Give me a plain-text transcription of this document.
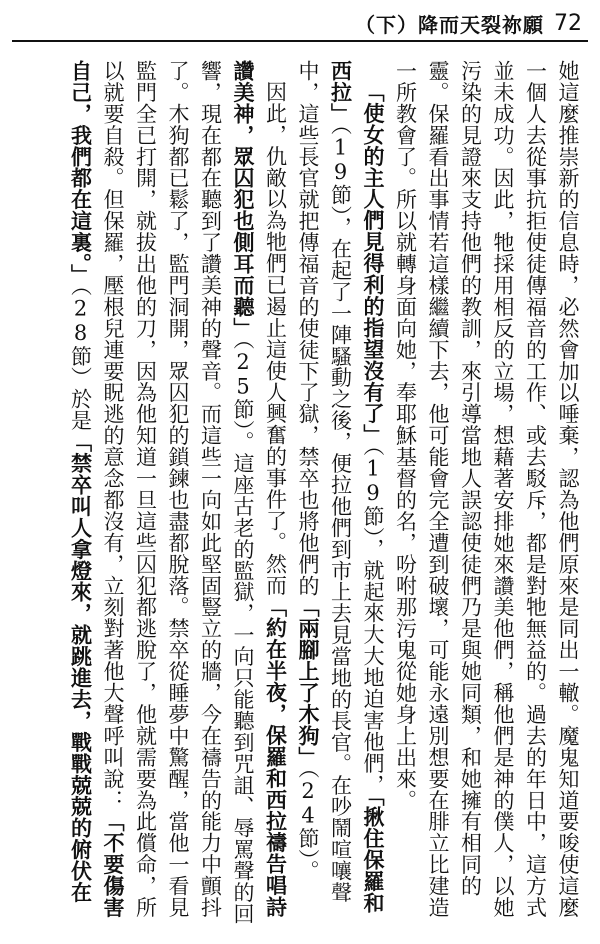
（下）降而天裂祢願 72

她這麼推崇新的信息時，必然會加以唾棄，認為他們原來是同出一轍。魔鬼知道要唆使這麼一個人去從事抗拒使徒傳福音的工作、或去駁斥，都是對牠無益的。過去的年日中，這方式並未成功。因此，牠採用相反的立場，想藉著安排她來讚美他們，稱他們是神的僕人，以她污染的見證來支持他們的教訓，來引導當地人誤認使徒們乃是與她同類，和她擁有相同的靈。保羅看出事情若這樣繼續下去，他可能會完全遭到破壞，可能永遠別想要在腓立比建造一所教會了。所以就轉身面向她，奉耶穌基督的名，吩咐那污鬼從她身上出來。

「使女的主人們見得利的指望沒有了」（19節），就起來大大地迫害他們，「揪住保羅和西拉」（19節），在起了一陣騷動之後，便拉他們到市上去見當地的長官。在吵鬧喧嚷聲中，這些長官就把傳福音的使徒下了獄，禁卒也將他們的「兩腳上了木狗」（24節）。

因此，仇敵以為牠們已遏止這使人興奮的事件了。然而「約在半夜，保羅和西拉禱告唱詩讚美神，眾囚犯也側耳而聽」（25節）。這座古老的監獄，一向只能聽到咒詛、辱罵聲的回響，現在都在聽到了讚美神的聲音。而這些一向如此堅固豎立的牆，今在禱告的能力中顫抖了。木狗都已鬆了，監門洞開，眾囚犯的鎖鍊也盡都脫落。禁卒從睡夢中驚醒，當他一看見監門全已打開，就拔出他的刀，因為他知道一旦這些囚犯都逃脫了，他就需要為此償命，所以就要自殺。但保羅，壓根兒連要眖逃的意念都沒有，立刻對著他大聲呼叫說：「不要傷害自己，我們都在這裏。」（28節）於是「禁卒叫人拿燈來，就跳進去，戰戰兢兢的俯伏在
